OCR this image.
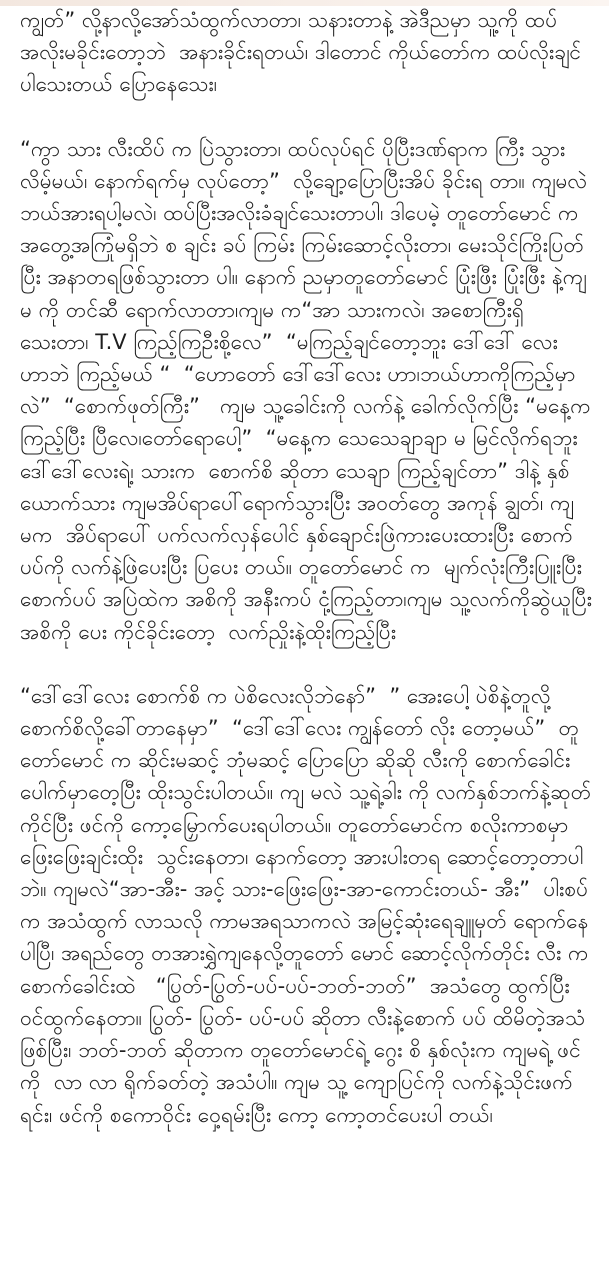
ကျွတ်” လို့နာလို့အော်သံထွက်လာတာ၊ သနားတာနဲ့ အဲဒီညမှာ သူ့ကို ထပ်အလိုးမခိုင်းတော့ဘဲ  အနားခိုင်းရတယ်၊ ဒါတောင် ကိုယ်တော်က ထပ်လိုးချင်ပါသေးတယ် ပြောနေသေး၊

“ကွာ သား လီးထိပ် က ပြဲသွားတာ၊ ထပ်လုပ်ရင် ပိုပြီးဒဏ်ရာက ကြီး သွားလိမ့်မယ်၊ နောက်ရက်မှ လုပ်တော့”  လို့ချော့ပြောပြီးအိပ် ခိုင်းရ တာ။ ကျမလဲ ဘယ်အားရပါ့မလဲ၊ ထပ်ပြီးအလိုးခံချင်သေးတာပါ၊ ဒါပေမဲ့ တူတော်မောင် က အတွေ့အကြုံမရှိဘဲ စ ချင်း ခပ် ကြမ်း ကြမ်းဆောင့်လိုးတာ၊ မေးသိုင်ကြိုးပြတ်ပြီး အနာတရဖြစ်သွားတာ ပါ။ နောက် ညမှာတူတော်မောင် ပြုံးဖြီး ပြုံးဖြီး နဲ့ကျမ ကို တင်ဆီ ရောက်လာတာ၊ကျမ က“အာ သားကလဲ၊ အစောကြီးရှိသေးတာ၊ T.V ကြည့်ကြဦးစို့လေ”  “မကြည့်ချင်တော့ဘူး ဒေါ်ဒေါ် လေး ဟာဘဲ ကြည့်မယ် “  “ဟောတော် ဒေါ်ဒေါ်လေး ဟာ၊ဘယ်ဟာကိုကြည့်မှာ လဲ”  “စောက်ဖုတ်ကြီး”   ကျမ သူ့ခေါင်းကို လက်နဲ့ ခေါက်လိုက်ပြီး “မနေ့ကကြည့်ပြီး ပြီလေ၊တော်ရောပေါ့”  “မနေ့က သေသေချာချာ မ မြင်လိုက်ရဘူး ဒေါ်ဒေါ်လေးရဲ့၊ သားက  စောက်စိ ဆိုတာ သေချာ ကြည့်ချင်တာ” ဒါနဲ့ နှစ်ယောက်သား ကျမအိပ်ရာပေါ်ရောက်သွားပြီး အဝတ်တွေ အကုန် ချွတ်၊ ကျမက  အိပ်ရာပေါ် ပက်လက်လှန်ပေါင် နှစ်ချောင်းဖြဲကားပေးထားပြီး စောက်ပပ်ကို လက်နဲ့ဖြဲပေးပြီး ပြပေး တယ်။ တူတော်မောင် က  မျက်လုံးကြီးပြူးပြီး စောက်ပပ် အပြဲထဲက အစိကို အနီးကပ် ငုံ့ကြည့်တာ၊ကျမ သူ့လက်ကိုဆွဲယူပြီး အစိကို ပေး ကိုင်ခိုင်းတော့  လက်ညှိုးနဲ့ထိုးကြည့်ပြီး

“ဒေါ်ဒေါ်လေး စောက်စိ က ပဲစိလေးလိုဘဲနော်”  ” အေးပေါ့ ပဲစိနဲ့တူလို့ စောက်စိလို့ခေါ်တာနေမှာ”  “ဒေါ်ဒေါ်လေး ကျွန်တော် လိုး တော့မယ်”  တူတော်မောင် က ဆိုင်းမဆင့် ဘုံမဆင့် ပြောပြော ဆိုဆို လီးကို စောက်ခေါင်းပေါက်မှာတေ့ပြီး ထိုးသွင်းပါတယ်။ ကျ မလဲ သူ့ရဲ့ခါး ကို လက်နှစ်ဘက်နဲ့ဆုတ်ကိုင်ပြီး ဖင်ကို ကော့မြှောက်ပေးရပါတယ်။ တူတော်မောင်က စလိုးကာစမှာ ဖြေးဖြေးချင်းထိုး  သွင်းနေတာ၊ နောက်တော့ အားပါးတရ ဆောင့်တော့တာပါဘဲ။ ကျမလဲ“အာ-အီး- အင့် သား-ဖြေးဖြေး-အာ-ကောင်းတယ်- အီး”  ပါးစပ်က အသံထွက် လာသလို ကာမအရသာကလဲ အမြင့်ဆုံးရေချူမှတ် ရောက်နေပါပြီ၊ အရည်တွေ တအားရွှဲကျနေလို့တူတော် မောင် ဆောင့်လိုက်တိုင်း လီး က စောက်ခေါင်းထဲ   “ပြွတ်-ပြွတ်-ပပ်-ပပ်-ဘတ်-ဘတ်”  အသံတွေ ထွက်ပြီး ဝင်ထွက်နေတာ။ ပြွတ်- ပြွတ်- ပပ်-ပပ် ဆိုတာ လီးနဲ့စောက် ပပ် ထိမိတဲ့အသံဖြစ်ပြီး၊ ဘတ်-ဘတ် ဆိုတာက တူတော်မောင်ရဲ့ ဂွေး စိ နှစ်လုံးက ကျမရဲ့ ဖင်ကို  လာ လာ ရိုက်ခတ်တဲ့ အသံပါ။ ကျမ သူ့ ကျောပြင်ကို လက်နဲ့သိုင်းဖက်ရင်း၊ ဖင်ကို စကောဝိုင်း ဝှေ့ရမ်းပြီး ကော့ ကော့တင်ပေးပါ တယ်၊
